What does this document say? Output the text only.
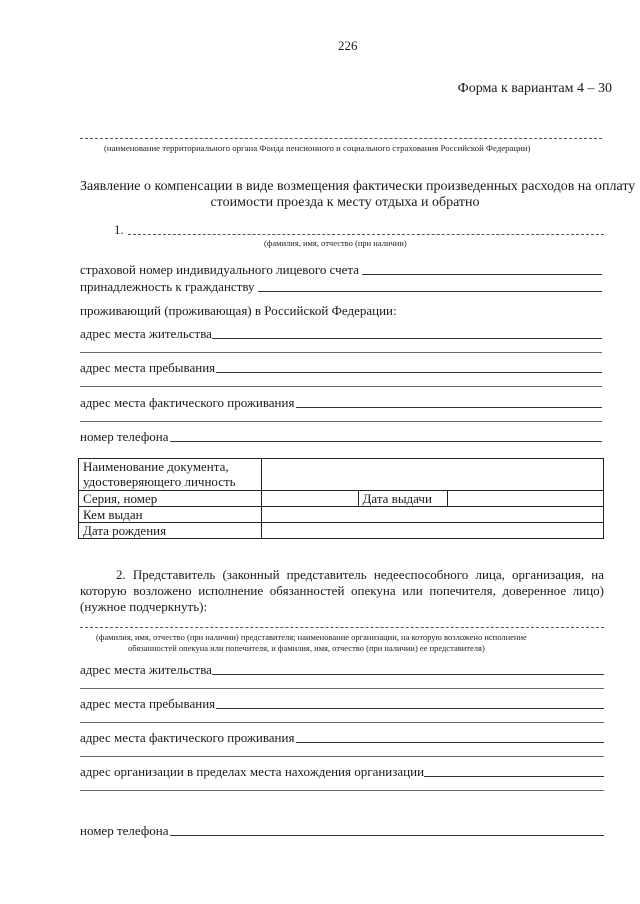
226
Форма к вариантам 4 – 30
(наименование территориального органа Фонда пенсионного и социального страхования Российской Федерации)
Заявление о компенсации в виде возмещения фактически произведенных расходов на оплату
стоимости проезда к месту отдыха и обратно
1.
(фамилия, имя, отчество (при наличии)
страховой номер индивидуального лицевого счета
принадлежность к гражданству
проживающий (проживающая) в Российской Федерации:
адрес места жительства
адрес места пребывания
адрес места фактического проживания
номер телефона
Наименование документа,
удостоверяющего личность			

Серия, номер		Дата выдачи	
Кем выдан			
Дата рождения			
2. Представитель (законный представитель недееспособного лица, организация, на которую возложено исполнение обязанностей опекуна или попечителя, доверенное лицо) (нужное подчеркнуть):
(фамилия, имя, отчество (при наличии) представителя; наименование организации, на которую возложено исполнение
обязанностей опекуна или попечителя, и фамилия, имя, отчество (при наличии) ее представителя)
адрес места жительства
адрес места пребывания
адрес места фактического проживания
адрес организации в пределах места нахождения организации
номер телефона
